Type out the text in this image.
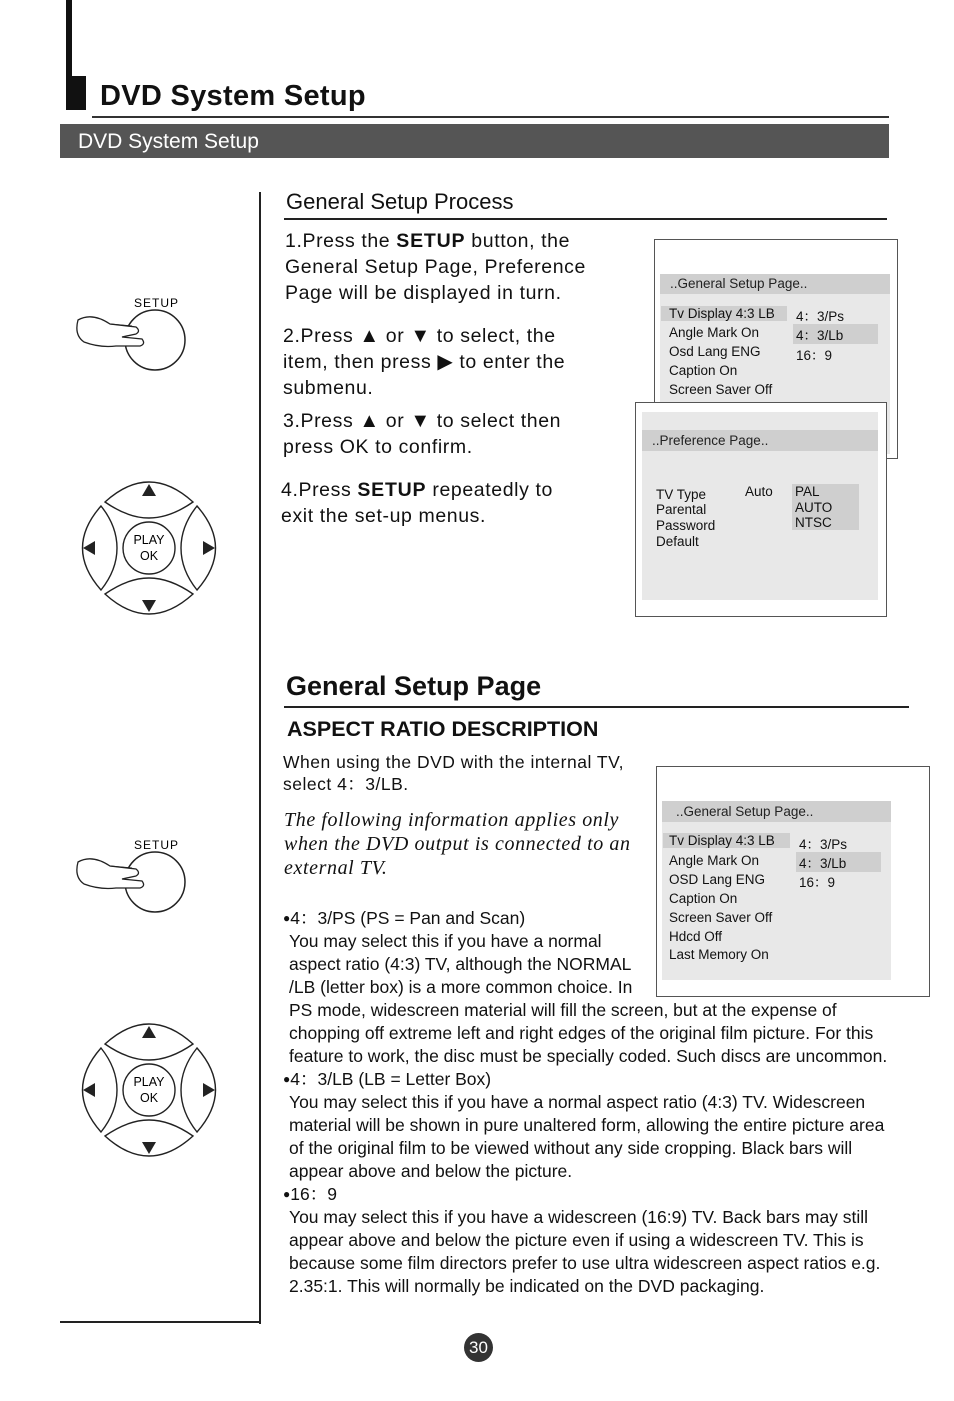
DVD System Setup
DVD System Setup
SETUP
SETUP
PLAY
OK
PLAY
OK
General Setup Process
1.Press the SETUP button, the
General Setup Page, Preference
Page will be displayed in turn.
2.Press ▲ or ▼ to select, the
item, then press ▶ to enter the
submenu.
3.Press ▲ or ▼ to select then
press OK to confirm.
4.Press SETUP repeatedly to
exit the set-up menus.
..General Setup Page..
Tv Display 4:3 LB
Angle Mark On
Osd Lang ENG
Caption On
Screen Saver Off
4：3/Ps
4：3/Lb
16：9
..Preference Page..
TV Type
Parental
Password
Default
Auto PAL
AUTO
NTSC
General Setup Page
ASPECT RATIO DESCRIPTION
When using the DVD with the internal TV,
select 4：3/LB.
The following information applies only
when the DVD output is connected to an
external TV.
..General Setup Page..
Tv Display 4:3 LB
Angle Mark On
OSD Lang ENG
Caption On
Screen Saver Off
Hdcd Off
Last Memory On
4：3/Ps
4：3/Lb
16：9
●4：3/PS (PS = Pan and Scan)
You may select this if you have a normal
aspect ratio (4:3) TV, although the NORMAL
/LB (letter box) is a more common choice. In
PS mode, widescreen material will fill the screen, but at the expense of
chopping off extreme left and right edges of the original film picture. For this
feature to work, the disc must be specially coded. Such discs are uncommon.
●4：3/LB (LB = Letter Box)
You may select this if you have a normal aspect ratio (4:3) TV. Widescreen
material will be shown in pure unaltered form, allowing the entire picture area
of the original film to be viewed without any side cropping. Black bars will
appear above and below the picture.
●16：9
You may select this if you have a widescreen (16:9) TV. Back bars may still
appear above and below the picture even if using a widescreen TV. This is
because some film directors prefer to use ultra widescreen aspect ratios e.g.
2.35:1. This will normally be indicated on the DVD packaging.
30
